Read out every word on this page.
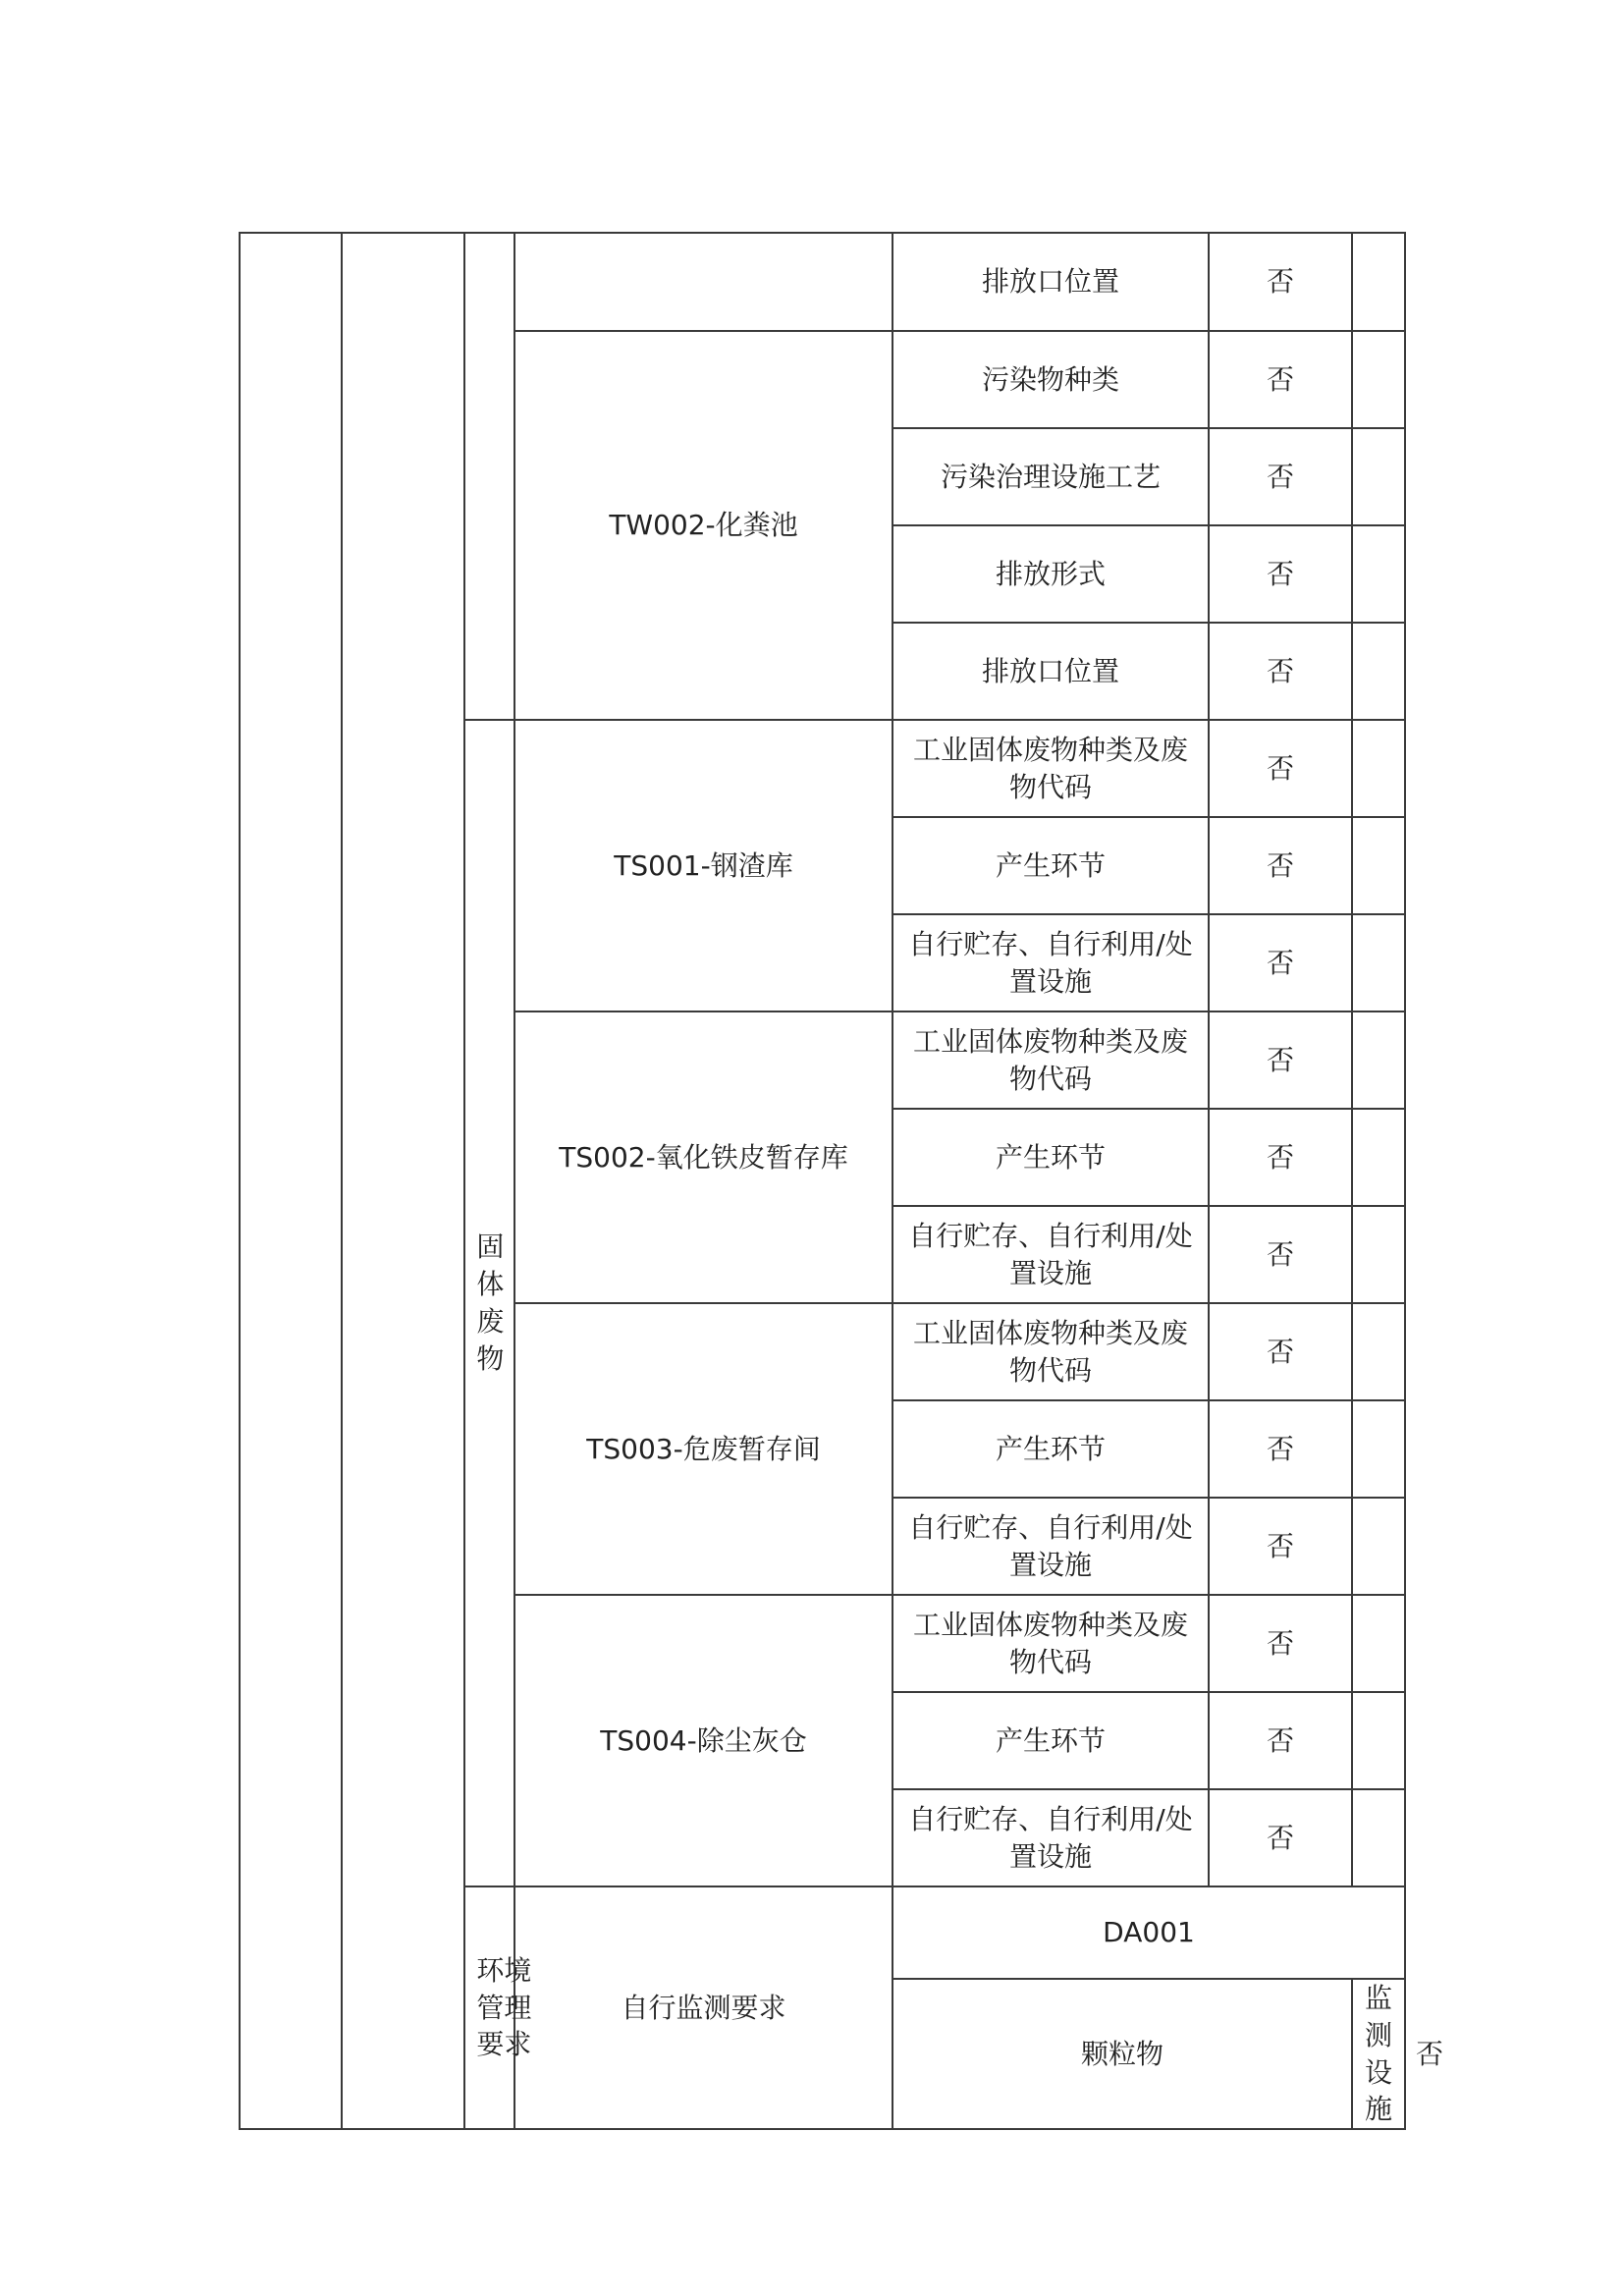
				排放口位置	否		
			TW002-化粪池	污染物种类	否		
				污染治理设施工艺	否		
				排放形式	否		
				排放口位置	否		
		固体废物	TS001-钢渣库	工业固体废物种类及废物代码	否		
				产生环节	否		
				自行贮存、自行利用/处置设施	否		
			TS002-氧化铁皮暂存库	工业固体废物种类及废物代码	否		
				产生环节	否		
				自行贮存、自行利用/处置设施	否		
			TS003-危废暂存间	工业固体废物种类及废物代码	否		
				产生环节	否		
				自行贮存、自行利用/处置设施	否		
			TS004-除尘灰仓	工业固体废物种类及废物代码	否		
				产生环节	否		
				自行贮存、自行利用/处置设施	否		
		环境管理要求	自行监测要求	DA001			
				颗粒物		监测设施	否	
